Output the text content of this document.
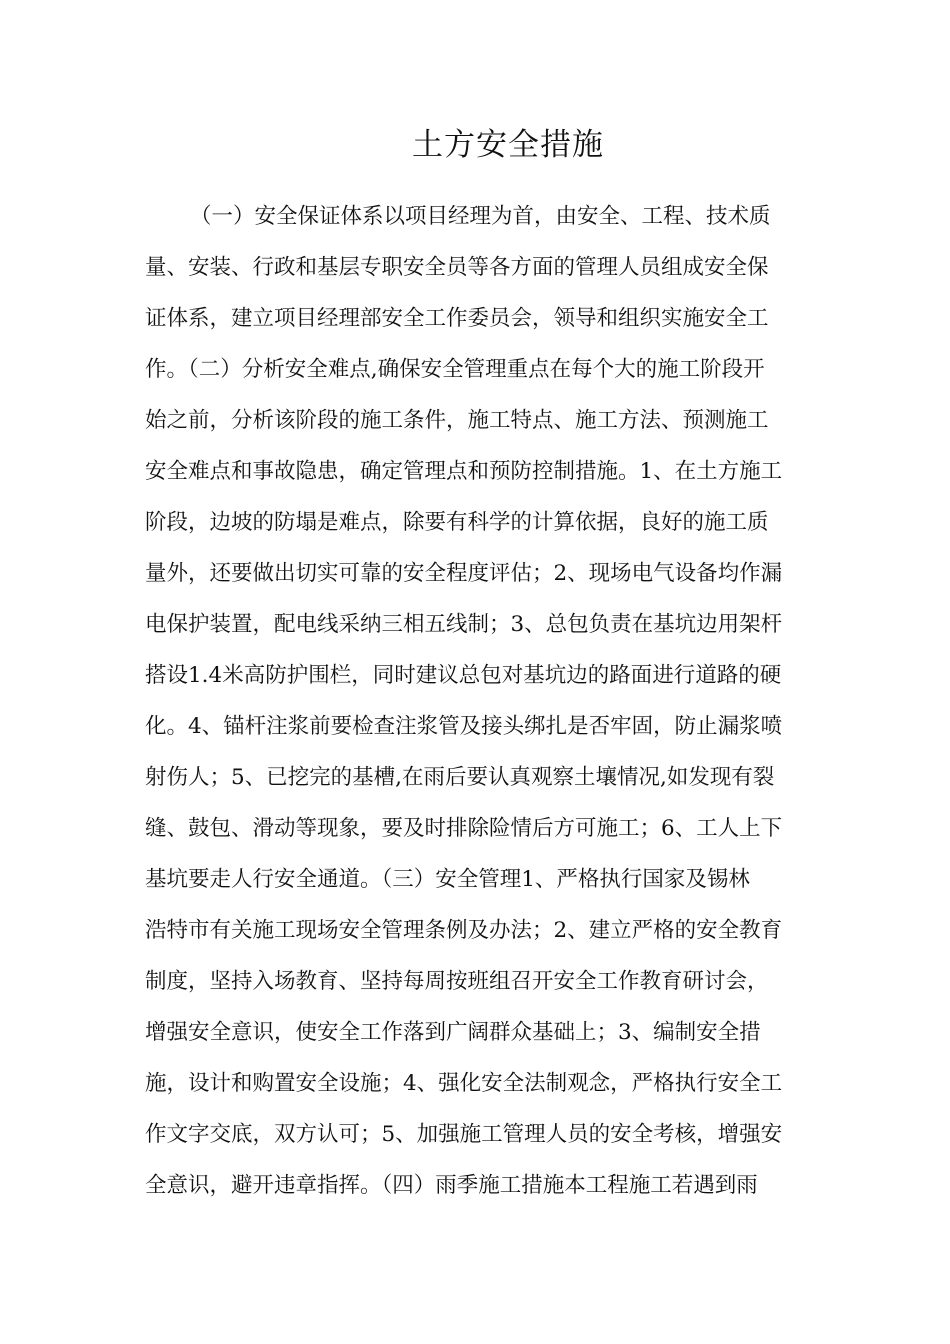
土方安全措施
（一）安全保证体系以项目经理为首，由安全、工程、技术质
量、安装、行政和基层专职安全员等各方面的管理人员组成安全保
证体系，建立项目经理部安全工作委员会，领导和组织实施安全工
作。（二）分析安全难点,确保安全管理重点在每个大的施工阶段开
始之前，分析该阶段的施工条件，施工特点、施工方法、预测施工
安全难点和事故隐患，确定管理点和预防控制措施。1、在土方施工
阶段，边坡的防塌是难点，除要有科学的计算依据，良好的施工质
量外，还要做出切实可靠的安全程度评估；2、现场电气设备均作漏
电保护装置，配电线采纳三相五线制；3、总包负责在基坑边用架杆
搭设1.4米高防护围栏，同时建议总包对基坑边的路面进行道路的硬
化。4、锚杆注浆前要检查注浆管及接头绑扎是否牢固，防止漏浆喷
射伤人；5、已挖完的基槽,在雨后要认真观察土壤情况,如发现有裂
缝、鼓包、滑动等现象，要及时排除险情后方可施工；6、工人上下
基坑要走人行安全通道。（三）安全管理1、严格执行国家及锡林
浩特市有关施工现场安全管理条例及办法；2、建立严格的安全教育
制度，坚持入场教育、坚持每周按班组召开安全工作教育研讨会，
增强安全意识，使安全工作落到广阔群众基础上；3、编制安全措
施，设计和购置安全设施；4、强化安全法制观念，严格执行安全工
作文字交底，双方认可；5、加强施工管理人员的安全考核，增强安
全意识，避开违章指挥。（四）雨季施工措施本工程施工若遇到雨
